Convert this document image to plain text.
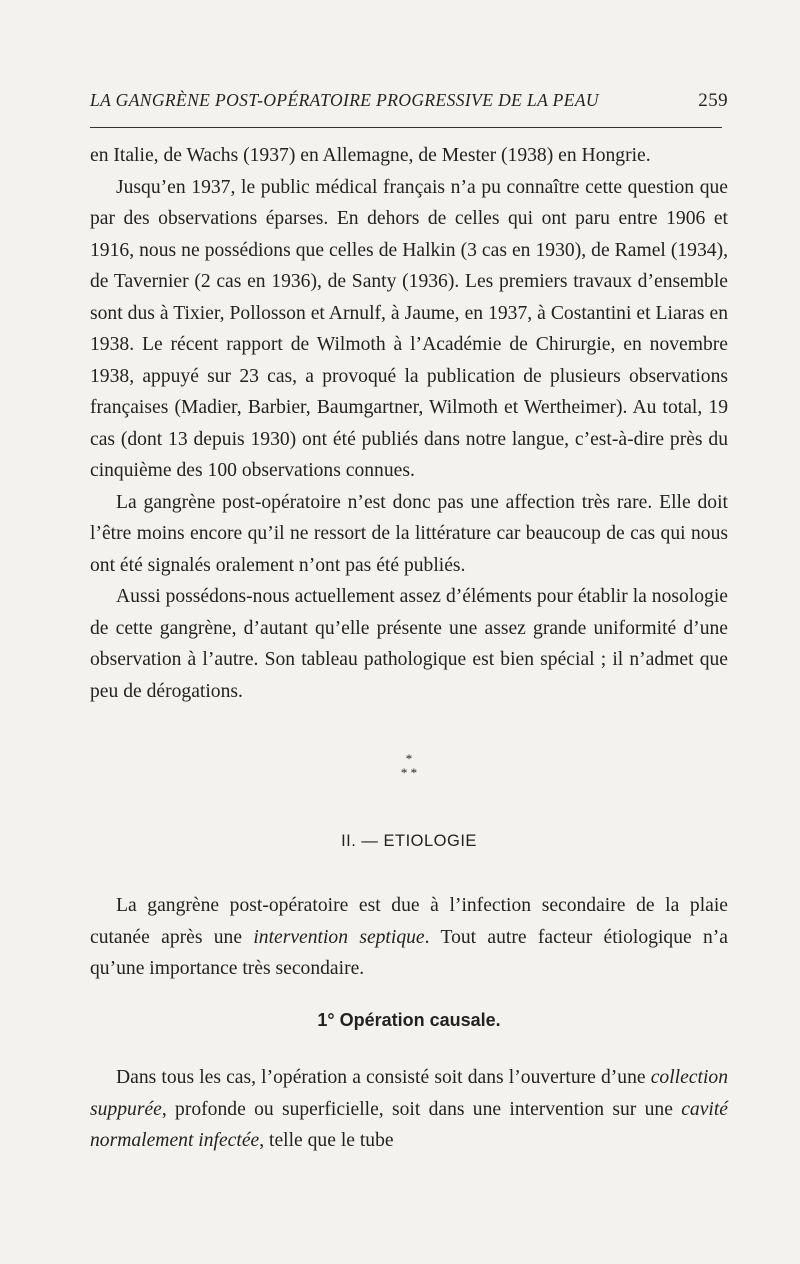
LA GANGRÈNE POST-OPÉRATOIRE PROGRESSIVE DE LA PEAU	259

en Italie, de Wachs (1937) en Allemagne, de Mester (1938) en Hongrie.

Jusqu’en 1937, le public médical français n’a pu connaître cette question que par des observations éparses. En dehors de celles qui ont paru entre 1906 et 1916, nous ne possédions que celles de Halkin (3 cas en 1930), de Ramel (1934), de Tavernier (2 cas en 1936), de Santy (1936). Les premiers travaux d’ensemble sont dus à Tixier, Pollosson et Arnulf, à Jaume, en 1937, à Costantini et Liaras en 1938. Le récent rapport de Wilmoth à l’Académie de Chirurgie, en novembre 1938, appuyé sur 23 cas, a provoqué la publication de plusieurs observations françaises (Madier, Barbier, Baumgartner, Wilmoth et Wertheimer). Au total, 19 cas (dont 13 depuis 1930) ont été publiés dans notre langue, c’est-à-dire près du cinquième des 100 observations connues.

La gangrène post-opératoire n’est donc pas une affection très rare. Elle doit l’être moins encore qu’il ne ressort de la littérature car beaucoup de cas qui nous ont été signalés oralement n’ont pas été publiés.

Aussi possédons-nous actuellement assez d’éléments pour établir la nosologie de cette gangrène, d’autant qu’elle présente une assez grande uniformité d’une observation à l’autre. Son tableau pathologique est bien spécial ; il n’admet que peu de dérogations.

*
* *
II. — ETIOLOGIE

La gangrène post-opératoire est due à l’infection secondaire de la plaie cutanée après une intervention septique. Tout autre facteur étiologique n’a qu’une importance très secondaire.

1° Opération causale.

Dans tous les cas, l’opération a consisté soit dans l’ouverture d’une collection suppurée, profonde ou superficielle, soit dans une intervention sur une cavité normalement infectée, telle que le tube
